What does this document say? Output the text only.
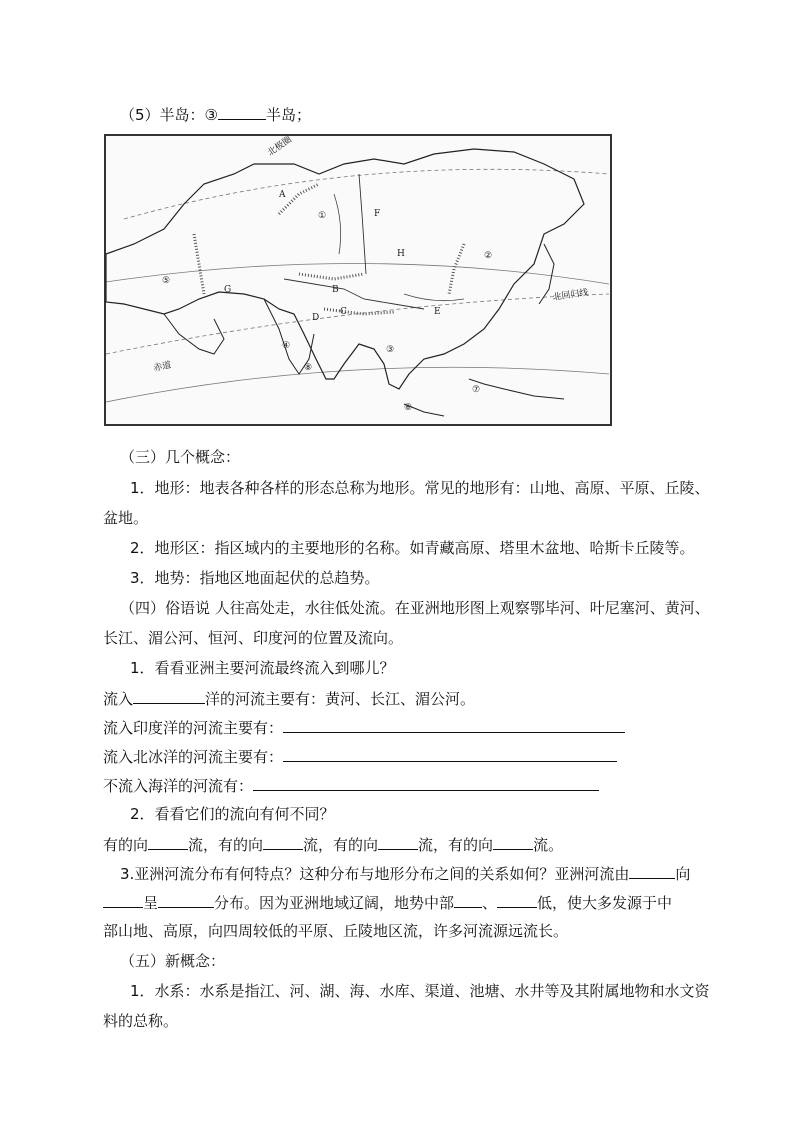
（5）半岛：③	半岛；
A
B
C
D
E
F
G
H
①
②
③
④
⑤
⑥
⑦
⑧
北回归线
赤道
北极圈
（三）几个概念：
1．地形：地表各种各样的形态总称为地形。常见的地形有：山地、高原、平原、丘陵、
盆地。
2．地形区：指区域内的主要地形的名称。如青藏高原、塔里木盆地、哈斯卡丘陵等。
3．地势：指地区地面起伏的总趋势。
（四）俗语说 人往高处走，水往低处流。在亚洲地形图上观察鄂毕河、叶尼塞河、黄河、
长江、湄公河、恒河、印度河的位置及流向。
1．看看亚洲主要河流最终流入到哪儿？
流入	洋的河流主要有：黄河、长江、湄公河。
流入印度洋的河流主要有：
流入北冰洋的河流主要有：
不流入海洋的河流有：
2．看看它们的流向有何不同？
有的向	流，有的向	流，有的向	流，有的向	流。
3.亚洲河流分布有何特点？这种分布与地形分布之间的关系如何？亚洲河流由	向
呈	分布。因为亚洲地域辽阔，地势中部 、	低，使大多发源于中
部山地、高原，向四周较低的平原、丘陵地区流，许多河流源远流长。
（五）新概念：
1．水系：水系是指江、河、湖、海、水库、渠道、池塘、水井等及其附属地物和水文资
料的总称。
